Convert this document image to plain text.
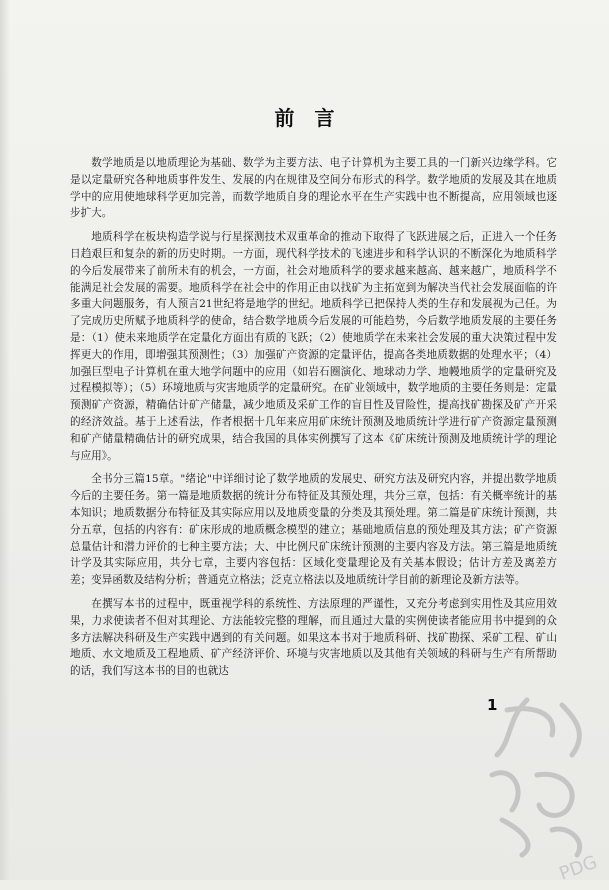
前言

数学地质是以地质理论为基础、数学为主要方法、电子计算机为主要工具的一门新兴边缘学科。它是以定量研究各种地质事件发生、发展的内在规律及空间分布形式的科学。数学地质的发展及其在地质学中的应用使地球科学更加完善，而数学地质自身的理论水平在生产实践中也不断提高，应用领域也逐步扩大。

地质科学在板块构造学说与行星探测技术双重革命的推动下取得了飞跃进展之后，正进入一个任务日趋艰巨和复杂的新的历史时期。一方面，现代科学技术的飞速进步和科学认识的不断深化为地质科学的今后发展带来了前所未有的机会，一方面，社会对地质科学的要求越来越高、越来越广，地质科学不能满足社会发展的需要。地质科学在社会中的作用正由以找矿为主拓宽到为解决当代社会发展面临的许多重大问题服务，有人预言21世纪将是地学的世纪。地质科学已把保持人类的生存和发展视为己任。为了完成历史所赋予地质科学的使命，结合数学地质今后发展的可能趋势，今后数学地质发展的主要任务是：（1）使未来地质学在定量化方面出有质的飞跃；（2）使地质学在未来社会发展的重大决策过程中发挥更大的作用，即增强其预测性；（3）加强矿产资源的定量评估，提高各类地质数据的处理水平；（4）加强巨型电子计算机在重大地学问题中的应用（如岩石圈演化、地球动力学、地幔地质学的定量研究及过程模拟等）；（5）环境地质与灾害地质学的定量研究。在矿业领域中，数学地质的主要任务则是：定量预测矿产资源，精确估计矿产储量，减少地质及采矿工作的盲目性及冒险性，提高找矿勘探及矿产开采的经济效益。基于上述看法，作者根据十几年来应用矿床统计预测及地质统计学进行矿产资源定量预测和矿产储量精确估计的研究成果，结合我国的具体实例撰写了这本《矿床统计预测及地质统计学的理论与应用》。

全书分三篇15章。"绪论"中详细讨论了数学地质的发展史、研究方法及研究内容，并提出数学地质今后的主要任务。第一篇是地质数据的统计分布特征及其预处理，共分三章，包括：有关概率统计的基本知识；地质数据分布特征及其实际应用以及地质变量的分类及其预处理。第二篇是矿床统计预测，共分五章，包括的内容有：矿床形成的地质概念模型的建立；基础地质信息的预处理及其方法；矿产资源总量估计和潜力评价的七种主要方法；大、中比例尺矿床统计预测的主要内容及方法。第三篇是地质统计学及其实际应用，共分七章，主要内容包括：区域化变量理论及有关基本假设；估计方差及离差方差；变异函数及结构分析；普通克立格法；泛克立格法以及地质统计学目前的新理论及新方法等。

在撰写本书的过程中，既重视学科的系统性、方法原理的严谨性，又充分考虑到实用性及其应用效果，力求使读者不但对其理论、方法能较完整的理解，而且通过大量的实例使读者能应用书中提到的众多方法解决科研及生产实践中遇到的有关问题。如果这本书对于地质科研、找矿勘探、采矿工程、矿山地质、水文地质及工程地质、矿产经济评价、环境与灾害地质以及其他有关领域的科研与生产有所帮助的话，我们写这本书的目的也就达

1
PDG
